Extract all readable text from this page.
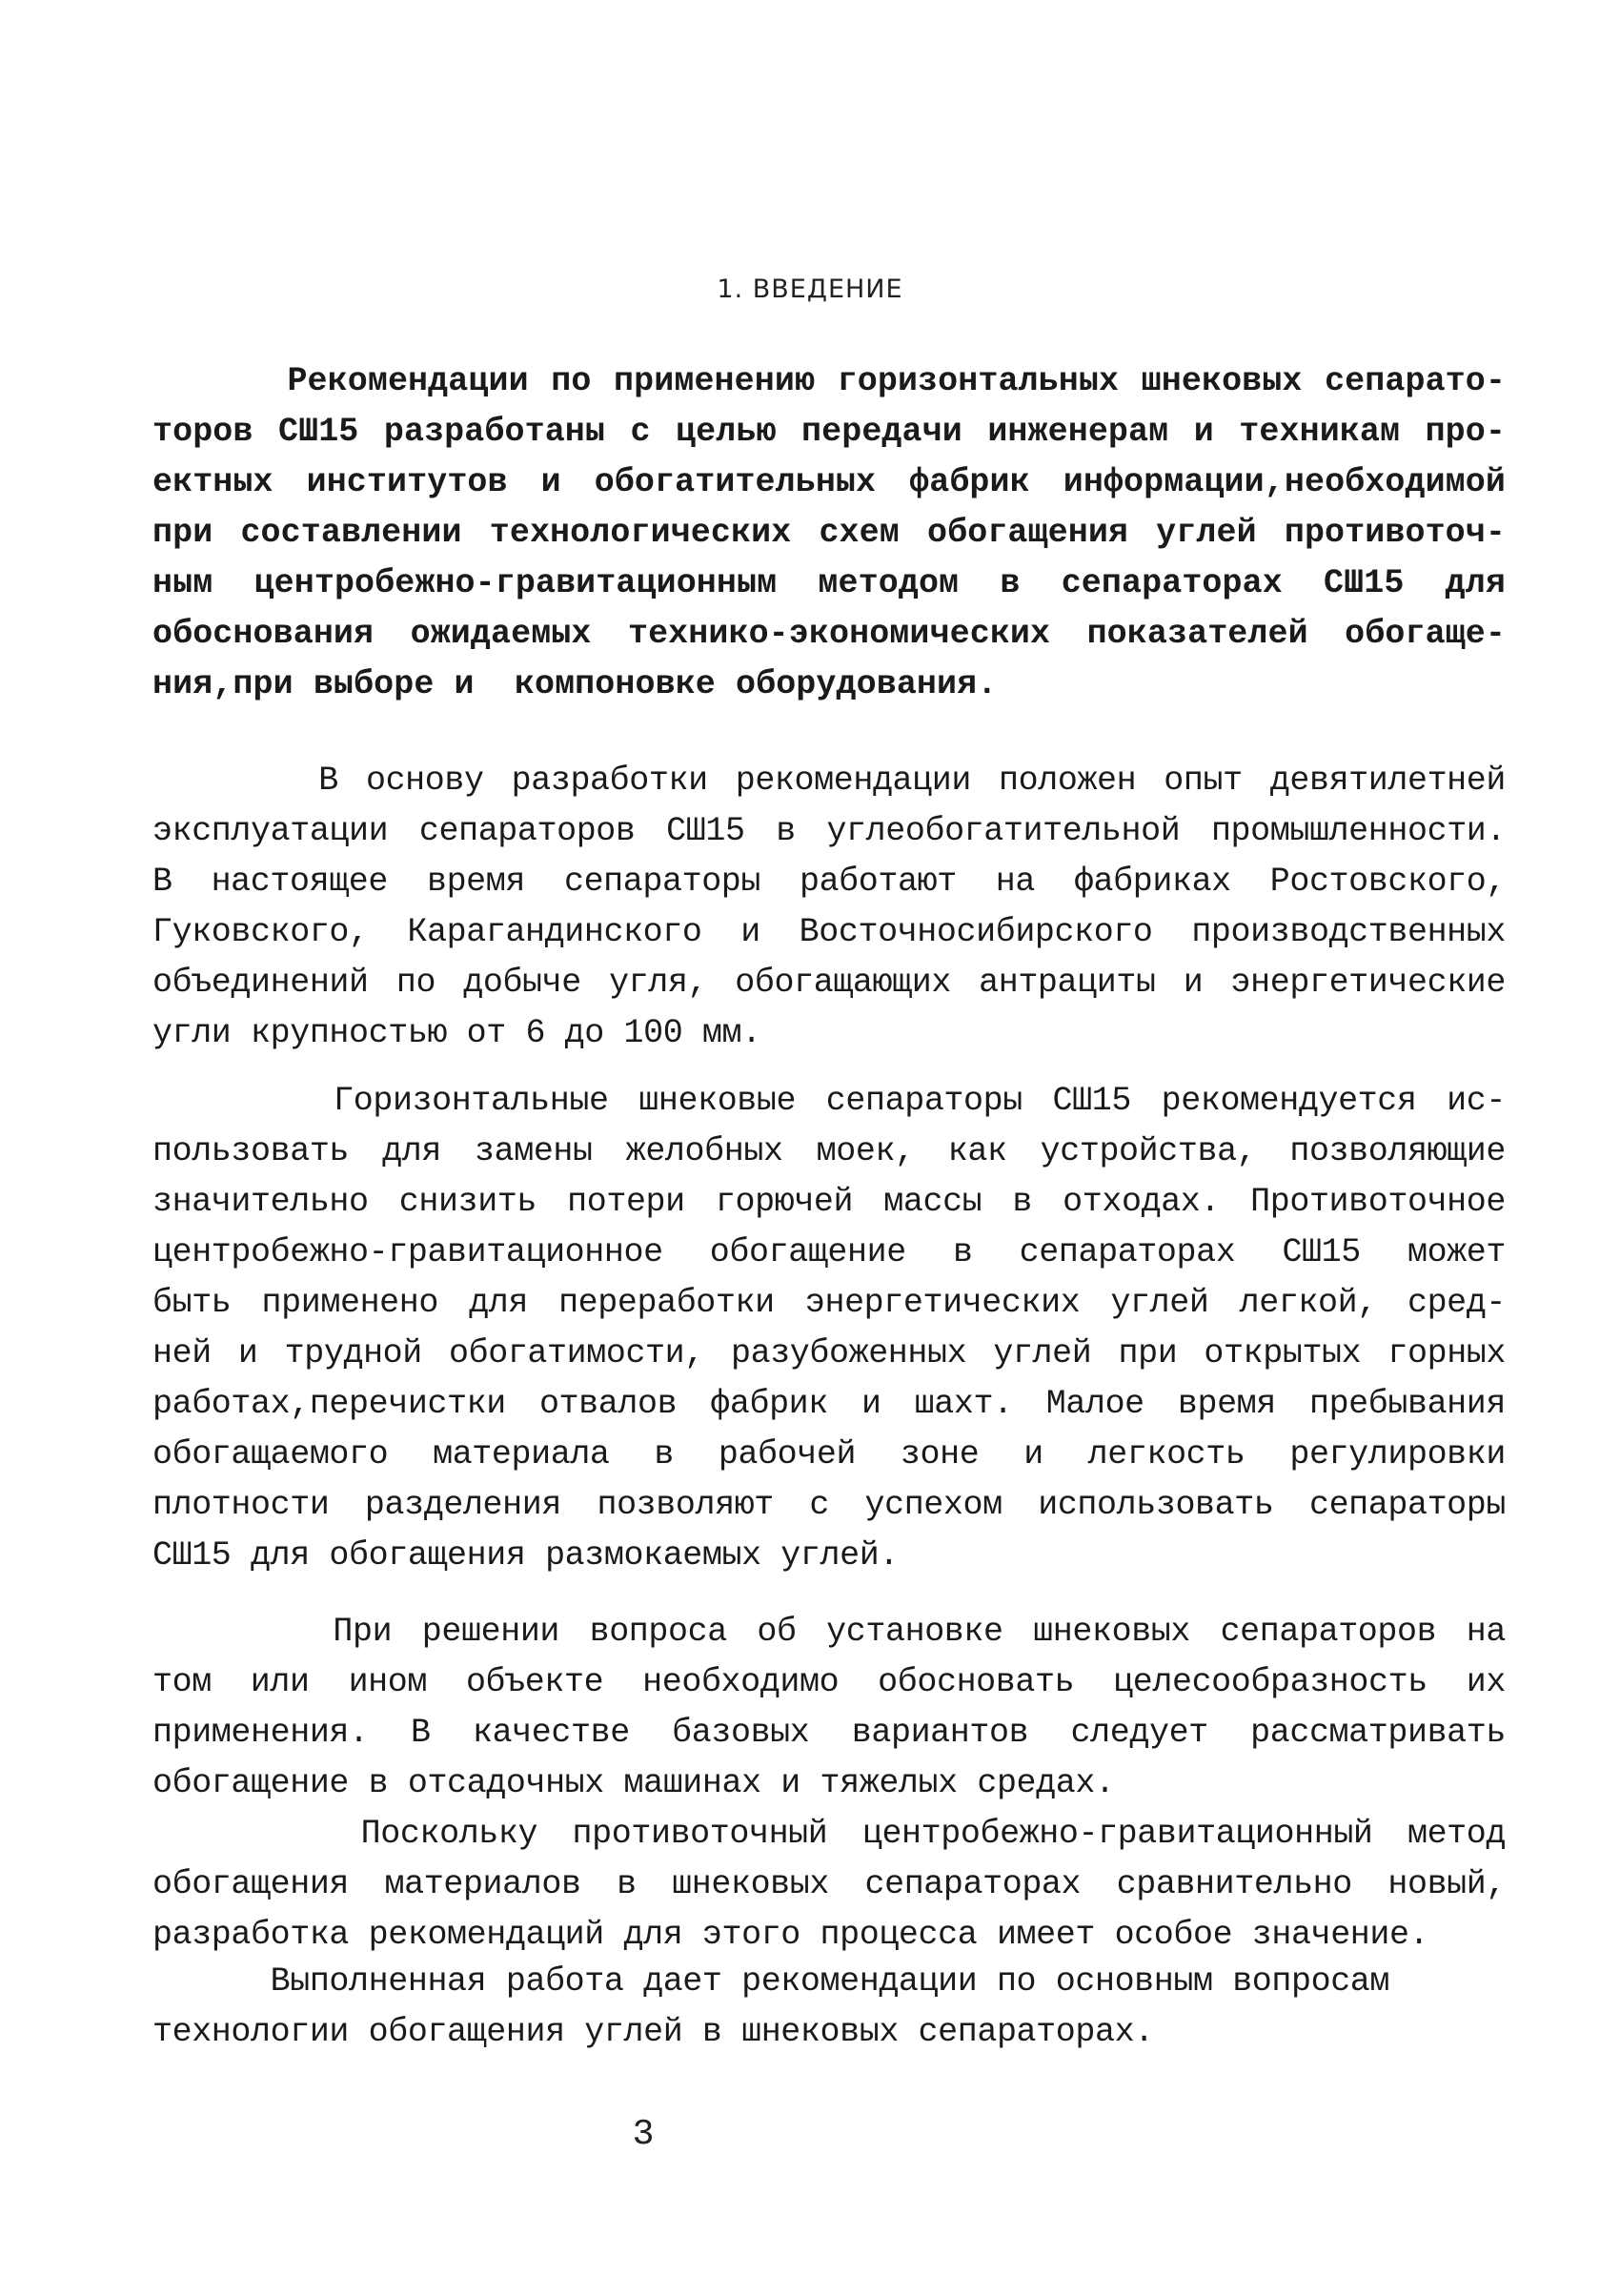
1. ВВЕДЕНИЕ
Рекомендации по применению горизонтальных шнековых сепарато-
торов СШ15 разработаны с целью передачи инженерам и техникам про-
ектных институтов и обогатительных фабрик информации,необходимой
при составлении технологических схем обогащения углей противоточ-
ным центробежно-гравитационным методом в сепараторах СШ15 для
обоснования ожидаемых технико-экономических показателей обогаще-
ния,при выборе и  компоновке оборудования.
В основу разработки рекомендации положен опыт девятилетней
эксплуатации сепараторов СШ15 в углеобогатительной промышленности.
В настоящее время сепараторы работают на фабриках Ростовского,
Гуковского, Карагандинского и Восточносибирского производственных
объединений по добыче угля, обогащающих антрациты и энергетические
угли крупностью от 6 до 100 мм.
Горизонтальные шнековые сепараторы СШ15 рекомендуется ис-
пользовать для замены желобных моек, как устройства, позволяющие
значительно снизить потери горючей массы в отходах. Противоточное
центробежно-гравитационное обогащение в сепараторах СШ15 может
быть применено для переработки энергетических углей легкой, сред-
ней и трудной обогатимости, разубоженных углей при открытых горных
работах,перечистки отвалов фабрик и шахт. Малое время пребывания
обогащаемого материала в рабочей зоне и легкость регулировки
плотности разделения позволяют с успехом использовать сепараторы
СШ15 для обогащения размокаемых углей.
При решении вопроса об установке шнековых сепараторов на
том или ином объекте необходимо обосновать целесообразность их
применения. В качестве базовых вариантов следует рассматривать
обогащение в отсадочных машинах и тяжелых средах.
Поскольку противоточный центробежно-гравитационный метод
обогащения материалов в шнековых сепараторах сравнительно новый,
разработка рекомендаций для этого процесса имеет особое значение.
Выполненная работа дает рекомендации по основным вопросам
технологии обогащения углей в шнековых сепараторах.
3
